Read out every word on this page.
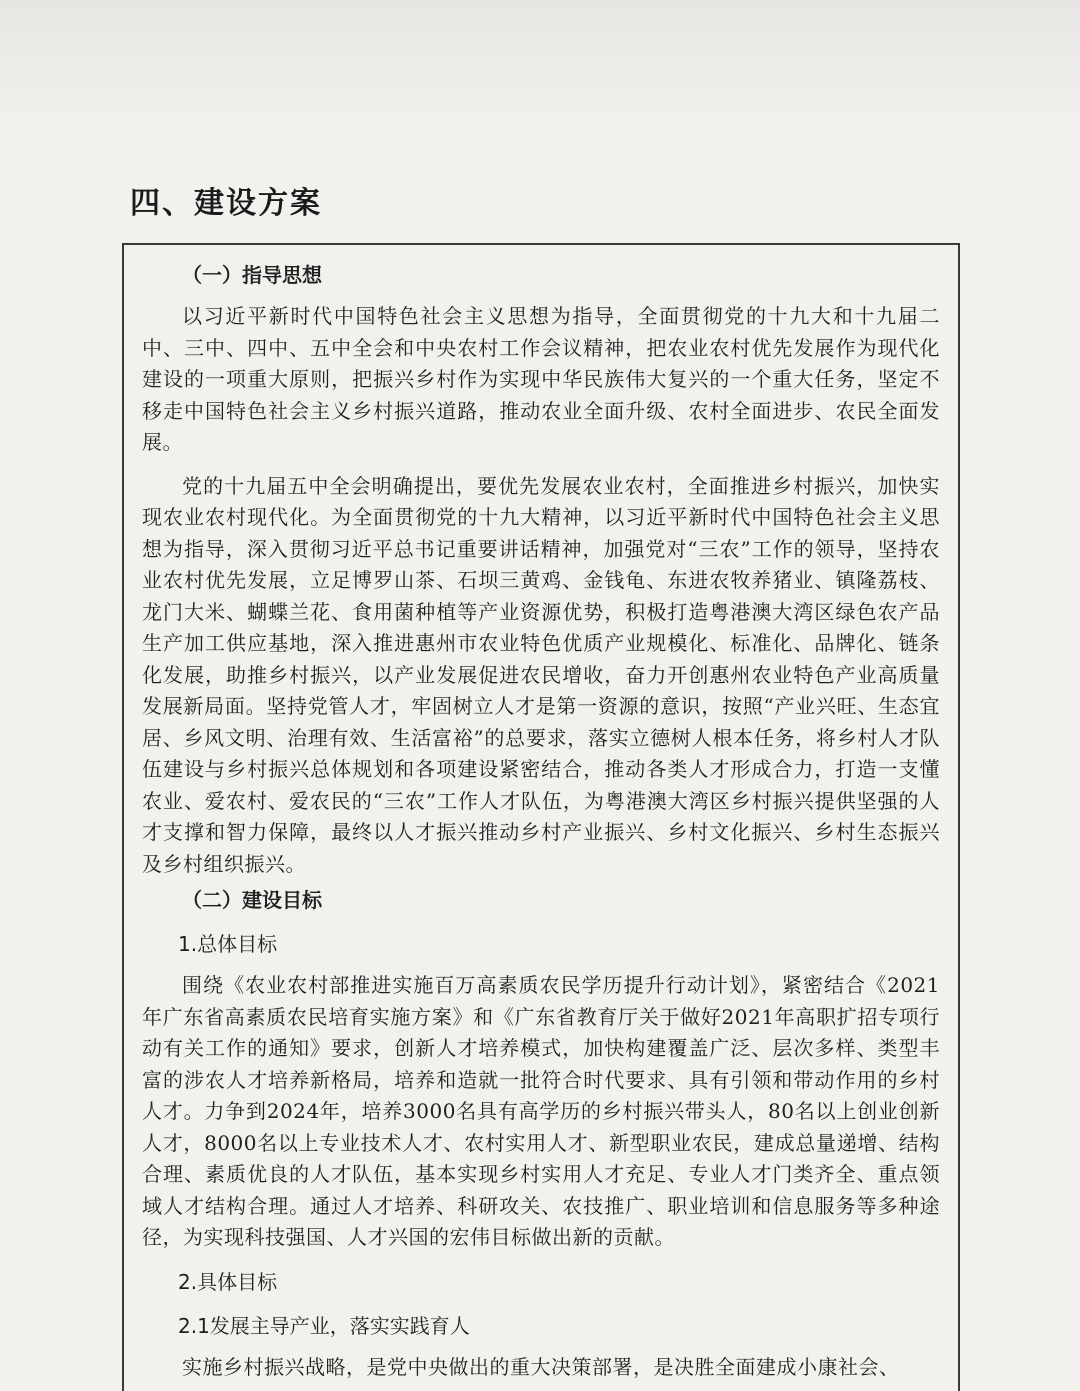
四、建设方案
（一）指导思想

以习近平新时代中国特色社会主义思想为指导，全面贯彻党的十九大和十九届二中、三中、四中、五中全会和中央农村工作会议精神，把农业农村优先发展作为现代化建设的一项重大原则，把振兴乡村作为实现中华民族伟大复兴的一个重大任务，坚定不移走中国特色社会主义乡村振兴道路，推动农业全面升级、农村全面进步、农民全面发展。

党的十九届五中全会明确提出，要优先发展农业农村，全面推进乡村振兴，加快实现农业农村现代化。为全面贯彻党的十九大精神，以习近平新时代中国特色社会主义思想为指导，深入贯彻习近平总书记重要讲话精神，加强党对“三农”工作的领导，坚持农业农村优先发展，立足博罗山茶、石坝三黄鸡、金钱龟、东进农牧养猪业、镇隆荔枝、龙门大米、蝴蝶兰花、食用菌种植等产业资源优势，积极打造粤港澳大湾区绿色农产品生产加工供应基地，深入推进惠州市农业特色优质产业规模化、标准化、品牌化、链条化发展，助推乡村振兴，以产业发展促进农民增收，奋力开创惠州农业特色产业高质量发展新局面。坚持党管人才，牢固树立人才是第一资源的意识，按照“产业兴旺、生态宜居、乡风文明、治理有效、生活富裕”的总要求，落实立德树人根本任务，将乡村人才队伍建设与乡村振兴总体规划和各项建设紧密结合，推动各类人才形成合力，打造一支懂农业、爱农村、爱农民的“三农”工作人才队伍，为粤港澳大湾区乡村振兴提供坚强的人才支撑和智力保障，最终以人才振兴推动乡村产业振兴、乡村文化振兴、乡村生态振兴及乡村组织振兴。

（二）建设目标
1.总体目标

围绕《农业农村部推进实施百万高素质农民学历提升行动计划》，紧密结合《2021年广东省高素质农民培育实施方案》和《广东省教育厅关于做好2021年高职扩招专项行动有关工作的通知》要求，创新人才培养模式，加快构建覆盖广泛、层次多样、类型丰富的涉农人才培养新格局，培养和造就一批符合时代要求、具有引领和带动作用的乡村人才。力争到2024年，培养3000名具有高学历的乡村振兴带头人，80名以上创业创新人才，8000名以上专业技术人才、农村实用人才、新型职业农民，建成总量递增、结构合理、素质优良的人才队伍，基本实现乡村实用人才充足、专业人才门类齐全、重点领域人才结构合理。通过人才培养、科研攻关、农技推广、职业培训和信息服务等多种途径，为实现科技强国、人才兴国的宏伟目标做出新的贡献。

2.具体目标
2.1发展主导产业，落实实践育人

实施乡村振兴战略，是党中央做出的重大决策部署，是决胜全面建成小康社会、
